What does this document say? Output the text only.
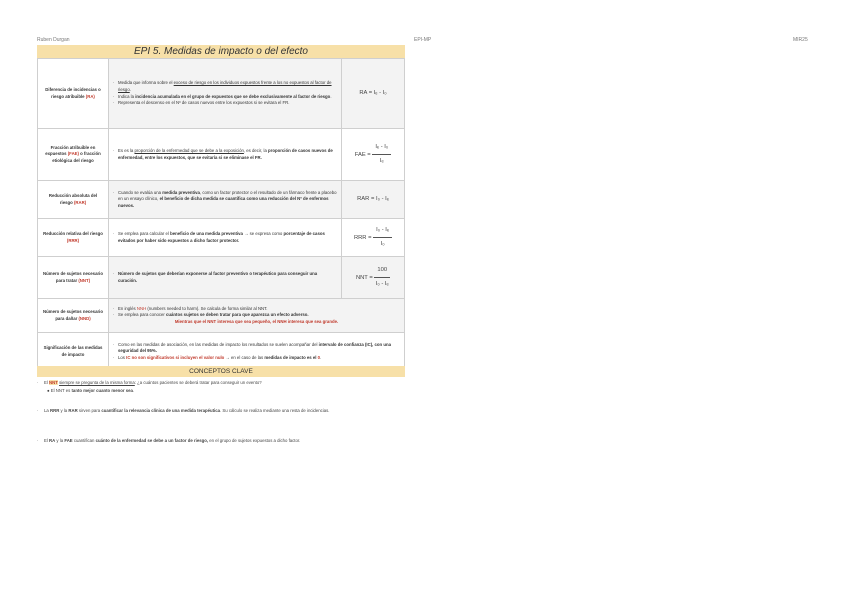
Ruben Durgan	EPI-MP	MIR25
EPI 5. Medidas de impacto o del efecto
Diferencia de incidencias o riesgo atribuible (RA)	· Medida que informa sobre el exceso de riesgo en los individuos expuestos frente a los no expuestos al factor de riesgo.
· Indica la incidencia acumulada en el grupo de expuestos que se debe exclusivamente al factor de riesgo.
· Representa el descenso en el Nº de casos nuevos entre los expuestos si se evitara el FR.	RA = Iₑ - I₀
Fracción atribuible en expuestos (FAE) o fracción etiológica del riesgo	· Es es la proporción de la enfermedad que se debe a la exposición, es decir, la proporción de casos nuevos de enfermedad, entre los expuestos, que se evitaría si se eliminase el FR.	FAE = $\frac{\text{Iₑ - I₀}}{\text{Iₑ}}$

Reducción absoluta del riesgo (RAR)	· Cuando se evalúa una medida preventiva, como un factor protector o el resultado de un fármaco frente a placebo en un ensayo clínico, el beneficio de dicha medida se cuantifica como una reducción del Nº de enfermos nuevos.	RAR = I₀ - Iₑ
Reducción relativa del riesgo (RRR)	· Se emplea para calcular el beneficio de una medida preventiva → se expresa como porcentaje de casos evitados por haber sido expuestos a dicho factor protector.	RRR = $\frac{\text{I₀ - Iₑ}}{\text{I₀}}$

Número de sujetos necesario para tratar (NNT)	· Número de sujetos que deberían exponerse al factor preventivo o terapéutico para conseguir una curación.	NNT = $\frac{100}{\text{I₀ - Iₑ}}$

Número de sujetos necesario para dañar (NND)	· En inglés NNH (numbers needed to harm). Se calcula de forma similar al NNT.
· Se emplea para conocer cuántos sujetos se deben tratar para que aparezca un efecto adverso.
Mientras que el NNT interesa que sea pequeño, el NNH interesa que sea grande.

Significación de las medidas de impacto	· Como en las medidas de asociación, en las medidas de impacto los resultados se suelen acompañar del intervalo de confianza (IC), con una seguridad del 95%.
· Los IC no son significativos si incluyen el valor nulo → en el caso de las medidas de impacto es el 0.
CONCEPTOS CLAVE
· El NNT siempre se pregunta de la misma forma: ¿a cuántos pacientes se deberá tratar para conseguir un evento?
● El NNT es tanto mejor cuanto menor sea.
· La RRR y la RAR sirven para cuantificar la relevancia clínica de una medida terapéutica. Su cálculo se realiza mediante una resta de incidencias.
· El RA y la FAE cuantifican cuánto de la enfermedad se debe a un factor de riesgo, en el grupo de sujetos expuestos a dicho factor.
